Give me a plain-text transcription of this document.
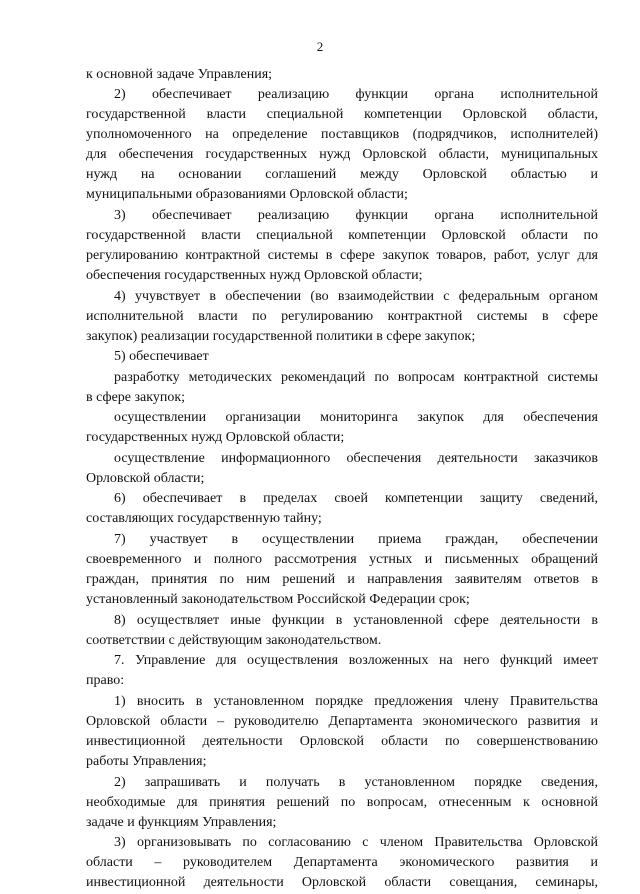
2
к основной задаче Управления;
2) обеспечивает реализацию функции органа исполнительной
государственной власти специальной компетенции Орловской области,
уполномоченного на определение поставщиков (подрядчиков, исполнителей)
для обеспечения государственных нужд Орловской области, муниципальных
нужд на основании соглашений между Орловской областью и
муниципальными образованиями Орловской области;
3) обеспечивает реализацию функции органа исполнительной
государственной власти специальной компетенции Орловской области по
регулированию контрактной системы в сфере закупок товаров, работ, услуг для
обеспечения государственных нужд Орловской области;
4) учувствует в обеспечении (во взаимодействии с федеральным органом
исполнительной власти по регулированию контрактной системы в сфере
закупок) реализации государственной политики в сфере закупок;
5) обеспечивает
разработку методических рекомендаций по вопросам контрактной системы
в сфере закупок;
осуществлении организации мониторинга закупок для обеспечения
государственных нужд Орловской области;
осуществление информационного обеспечения деятельности заказчиков
Орловской области;
6) обеспечивает в пределах своей компетенции защиту сведений,
составляющих государственную тайну;
7) участвует в осуществлении приема граждан, обеспечении
своевременного и полного рассмотрения устных и письменных обращений
граждан, принятия по ним решений и направления заявителям ответов в
установленный законодательством Российской Федерации срок;
8) осуществляет иные функции в установленной сфере деятельности в
соответствии с действующим законодательством.
7. Управление для осуществления возложенных на него функций имеет
право:
1) вносить в установленном порядке предложения члену Правительства
Орловской области – руководителю Департамента экономического развития и
инвестиционной деятельности Орловской области по совершенствованию
работы Управления;
2) запрашивать и получать в установленном порядке сведения,
необходимые для принятия решений по вопросам, отнесенным к основной
задаче и функциям Управления;
3) организовывать по согласованию с членом Правительства Орловской
области – руководителем Департамента экономического развития и
инвестиционной деятельности Орловской области совещания, семинары,
